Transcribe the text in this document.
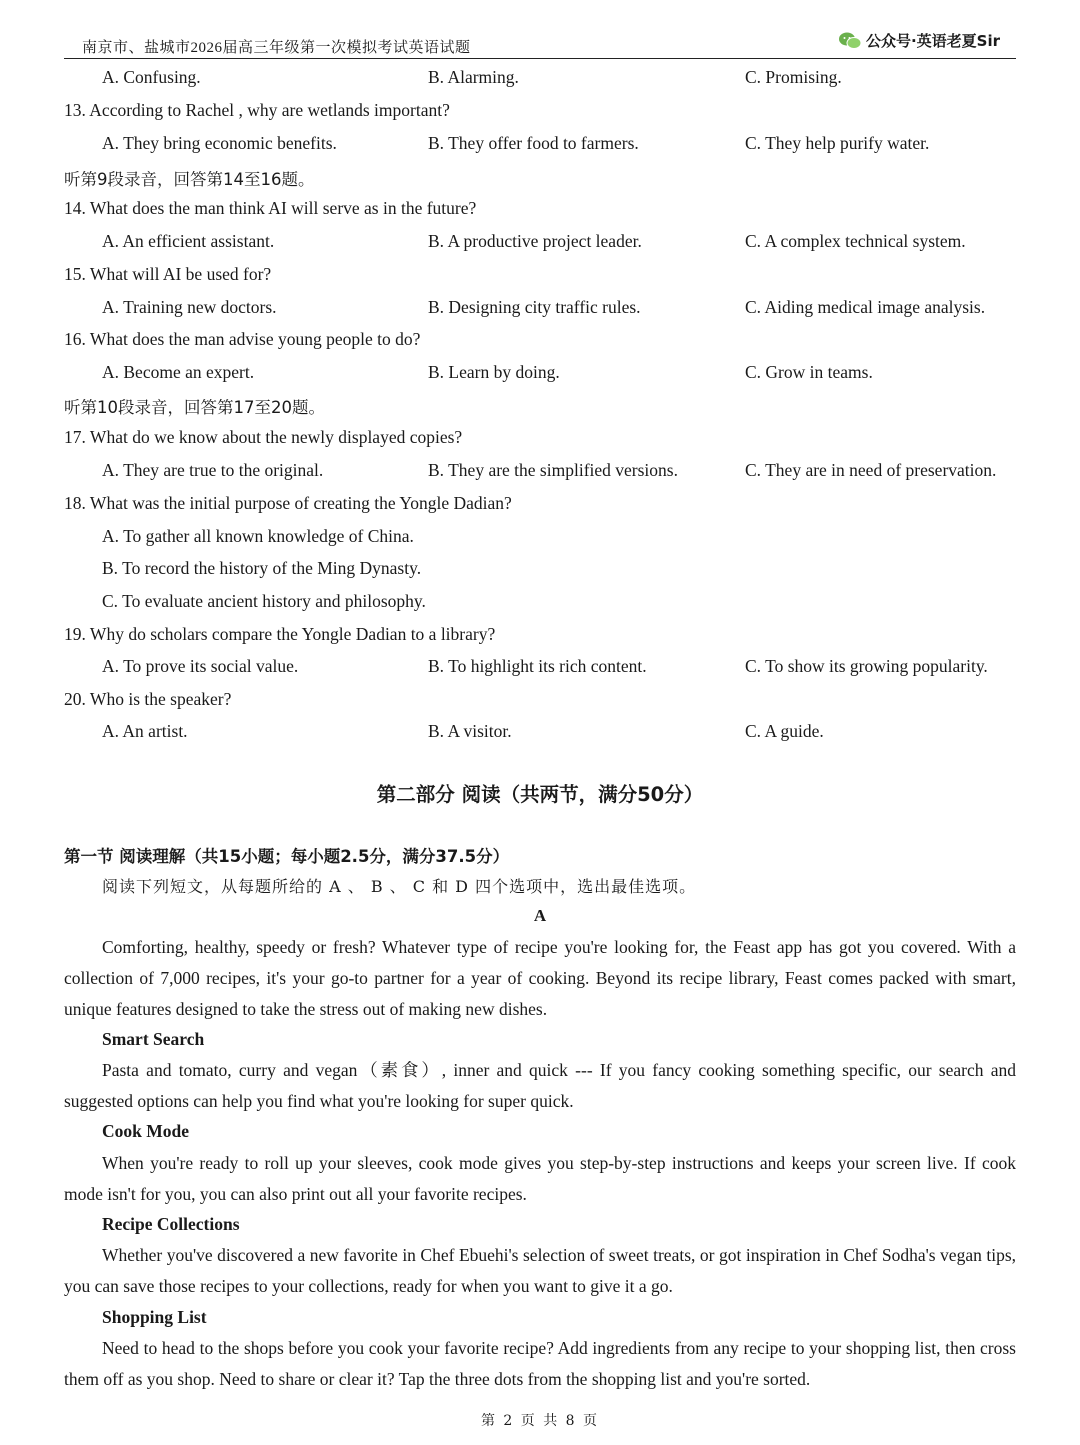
南京市、盐城市2026届高三年级第一次模拟考试英语试题	公众号·英语老夏Sir
A. Confusing.	B. Alarming.	C. Promising.
13. According to Rachel , why are wetlands important?
A. They bring economic benefits.	B. They offer food to farmers.	C. They help purify water.
听第9段录音，回答第14至16题。
14. What does the man think AI will serve as in the future?
A. An efficient assistant.	B. A productive project leader.	C. A complex technical system.
15. What will AI be used for?
A. Training new doctors.	B. Designing city traffic rules.	C. Aiding medical image analysis.
16. What does the man advise young people to do?
A. Become an expert.	B. Learn by doing.	C. Grow in teams.
听第10段录音，回答第17至20题。
17. What do we know about the newly displayed copies?
A. They are true to the original.	B. They are the simplified versions.	C. They are in need of preservation.
18. What was the initial purpose of creating the Yongle Dadian?
A. To gather all known knowledge of China.
B. To record the history of the Ming Dynasty.
C. To evaluate ancient history and philosophy.
19. Why do scholars compare the Yongle Dadian to a library?
A. To prove its social value.	B. To highlight its rich content.	C. To show its growing popularity.
20. Who is the speaker?
A. An artist.	B. A visitor.	C. A guide.
第二部分 阅读（共两节，满分50分）
第一节 阅读理解（共15小题；每小题2.5分，满分37.5分）
阅读下列短文，从每题所给的 A 、 B 、 C 和 D 四个选项中，选出最佳选项。
A

Comforting, healthy, speedy or fresh? Whatever type of recipe you're looking for, the Feast app has got you covered. With a collection of 7,000 recipes, it's your go-to partner for a year of cooking. Beyond its recipe library, Feast comes packed with smart, unique features designed to take the stress out of making new dishes.

Smart Search

Pasta and tomato, curry and vegan（素食）, inner and quick --- If you fancy cooking something specific, our search and suggested options can help you find what you're looking for super quick.

Cook Mode

When you're ready to roll up your sleeves, cook mode gives you step-by-step instructions and keeps your screen live. If cook mode isn't for you, you can also print out all your favorite recipes.

Recipe Collections

Whether you've discovered a new favorite in Chef Ebuehi's selection of sweet treats, or got inspiration in Chef Sodha's vegan tips, you can save those recipes to your collections, ready for when you want to give it a go.

Shopping List

Need to head to the shops before you cook your favorite recipe? Add ingredients from any recipe to your shopping list, then cross them off as you shop. Need to share or clear it? Tap the three dots from the shopping list and you're sorted.

第 2 页 共 8 页
